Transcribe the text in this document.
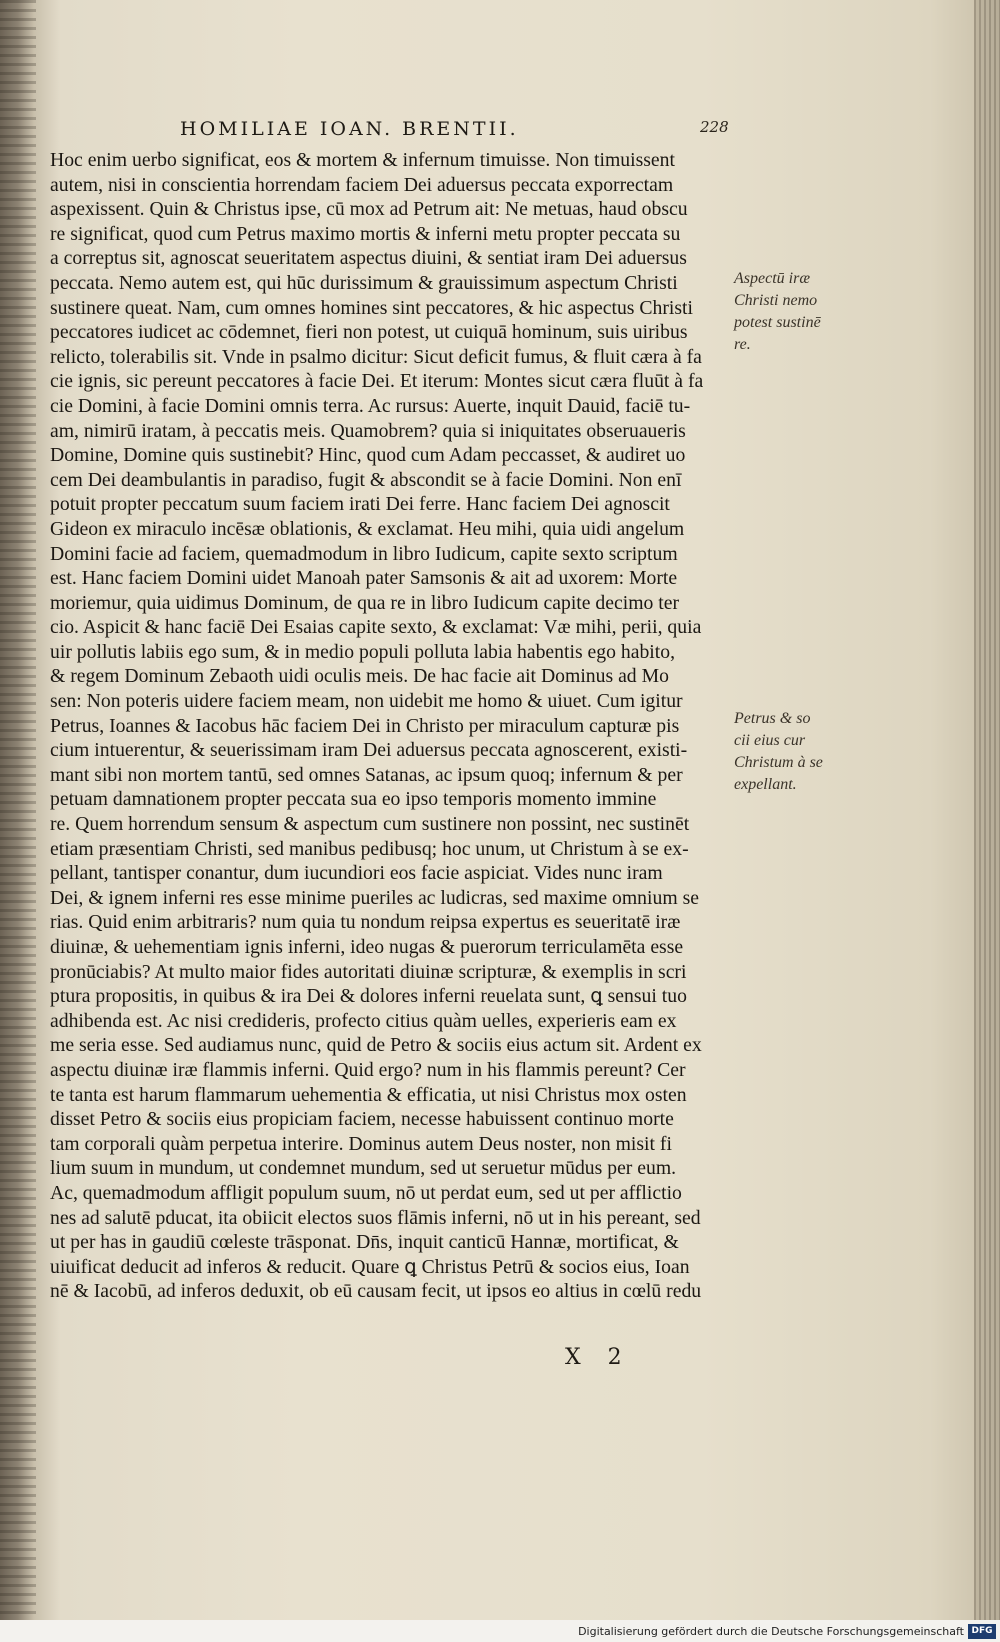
HOMILIAE IOAN. BRENTII.	228
Hoc enim uerbo significat, eos & mortem & infernum timuisse. Non timuissent
autem, nisi in conscientia horrendam faciem Dei aduersus peccata exporrectam
aspexissent. Quin & Christus ipse, cū mox ad Petrum ait: Ne metuas, haud obscu
re significat, quod cum Petrus maximo mortis & inferni metu propter peccata su
a correptus sit, agnoscat seueritatem aspectus diuini, & sentiat iram Dei aduersus
peccata. Nemo autem est, qui hūc durissimum & grauissimum aspectum Christi
sustinere queat. Nam, cum omnes homines sint peccatores, & hic aspectus Christi
peccatores iudicet ac cōdemnet, fieri non potest, ut cuiquā hominum, suis uiribus
relicto, tolerabilis sit. Vnde in psalmo dicitur: Sicut deficit fumus, & fluit cæra à fa
cie ignis, sic pereunt peccatores à facie Dei. Et iterum: Montes sicut cæra fluūt à fa
cie Domini, à facie Domini omnis terra. Ac rursus: Auerte, inquit Dauid, faciē tu-
am, nimirū iratam, à peccatis meis. Quamobrem? quia si iniquitates obseruaueris
Domine, Domine quis sustinebit? Hinc, quod cum Adam peccasset, & audiret uo
cem Dei deambulantis in paradiso, fugit & abscondit se à facie Domini. Non enī
potuit propter peccatum suum faciem irati Dei ferre. Hanc faciem Dei agnoscit
Gideon ex miraculo incēsæ oblationis, & exclamat. Heu mihi, quia uidi angelum
Domini facie ad faciem, quemadmodum in libro Iudicum, capite sexto scriptum
est. Hanc faciem Domini uidet Manoah pater Samsonis & ait ad uxorem: Morte
moriemur, quia uidimus Dominum, de qua re in libro Iudicum capite decimo ter
cio. Aspicit & hanc faciē Dei Esaias capite sexto, & exclamat: Væ mihi, perii, quia
uir pollutis labiis ego sum, & in medio populi polluta labia habentis ego habito,
& regem Dominum Zebaoth uidi oculis meis. De hac facie ait Dominus ad Mo
sen: Non poteris uidere faciem meam, non uidebit me homo & uiuet. Cum igitur
Petrus, Ioannes & Iacobus hāc faciem Dei in Christo per miraculum capturæ pis
cium intuerentur, & seuerissimam iram Dei aduersus peccata agnoscerent, existi-
mant sibi non mortem tantū, sed omnes Satanas, ac ipsum quoq; infernum & per
petuam damnationem propter peccata sua eo ipso temporis momento immine
re. Quem horrendum sensum & aspectum cum sustinere non possint, nec sustinēt
etiam præsentiam Christi, sed manibus pedibusq; hoc unum, ut Christum à se ex-
pellant, tantisper conantur, dum iucundiori eos facie aspiciat. Vides nunc iram
Dei, & ignem inferni res esse minime pueriles ac ludicras, sed maxime omnium se
rias. Quid enim arbitraris? num quia tu nondum reipsa expertus es seueritatē iræ
diuinæ, & uehementiam ignis inferni, ideo nugas & puerorum terriculamēta esse
pronūciabis? At multo maior fides autoritati diuinæ scripturæ, & exemplis in scri
ptura propositis, in quibus & ira Dei & dolores inferni reuelata sunt, ꝗ sensui tuo
adhibenda est. Ac nisi credideris, profecto citius quàm uelles, experieris eam ex
me seria esse. Sed audiamus nunc, quid de Petro & sociis eius actum sit. Ardent ex
aspectu diuinæ iræ flammis inferni. Quid ergo? num in his flammis pereunt? Cer
te tanta est harum flammarum uehementia & efficatia, ut nisi Christus mox osten
disset Petro & sociis eius propiciam faciem, necesse habuissent continuo morte
tam corporali quàm perpetua interire. Dominus autem Deus noster, non misit fi
lium suum in mundum, ut condemnet mundum, sed ut seruetur mūdus per eum.
Ac, quemadmodum affligit populum suum, nō ut perdat eum, sed ut per afflictio
nes ad salutē pducat, ita obiicit electos suos flāmis inferni, nō ut in his pereant, sed
ut per has in gaudiū cœleste trāsponat. Dn̄s, inquit canticū Hannæ, mortificat, &
uiuificat deducit ad inferos & reducit. Quare ꝗ Christus Petrū & socios eius, Ioan
nē & Iacobū, ad inferos deduxit, ob eū causam fecit, ut ipsos eo altius in cœlū redu
Aspectū iræ
Christi nemo
potest sustinē
re.
Petrus & so
cii eius cur
Christum à se
expellant.
X 2
Digitalisierung gefördert durch die Deutsche Forschungsgemeinschaft DFG
